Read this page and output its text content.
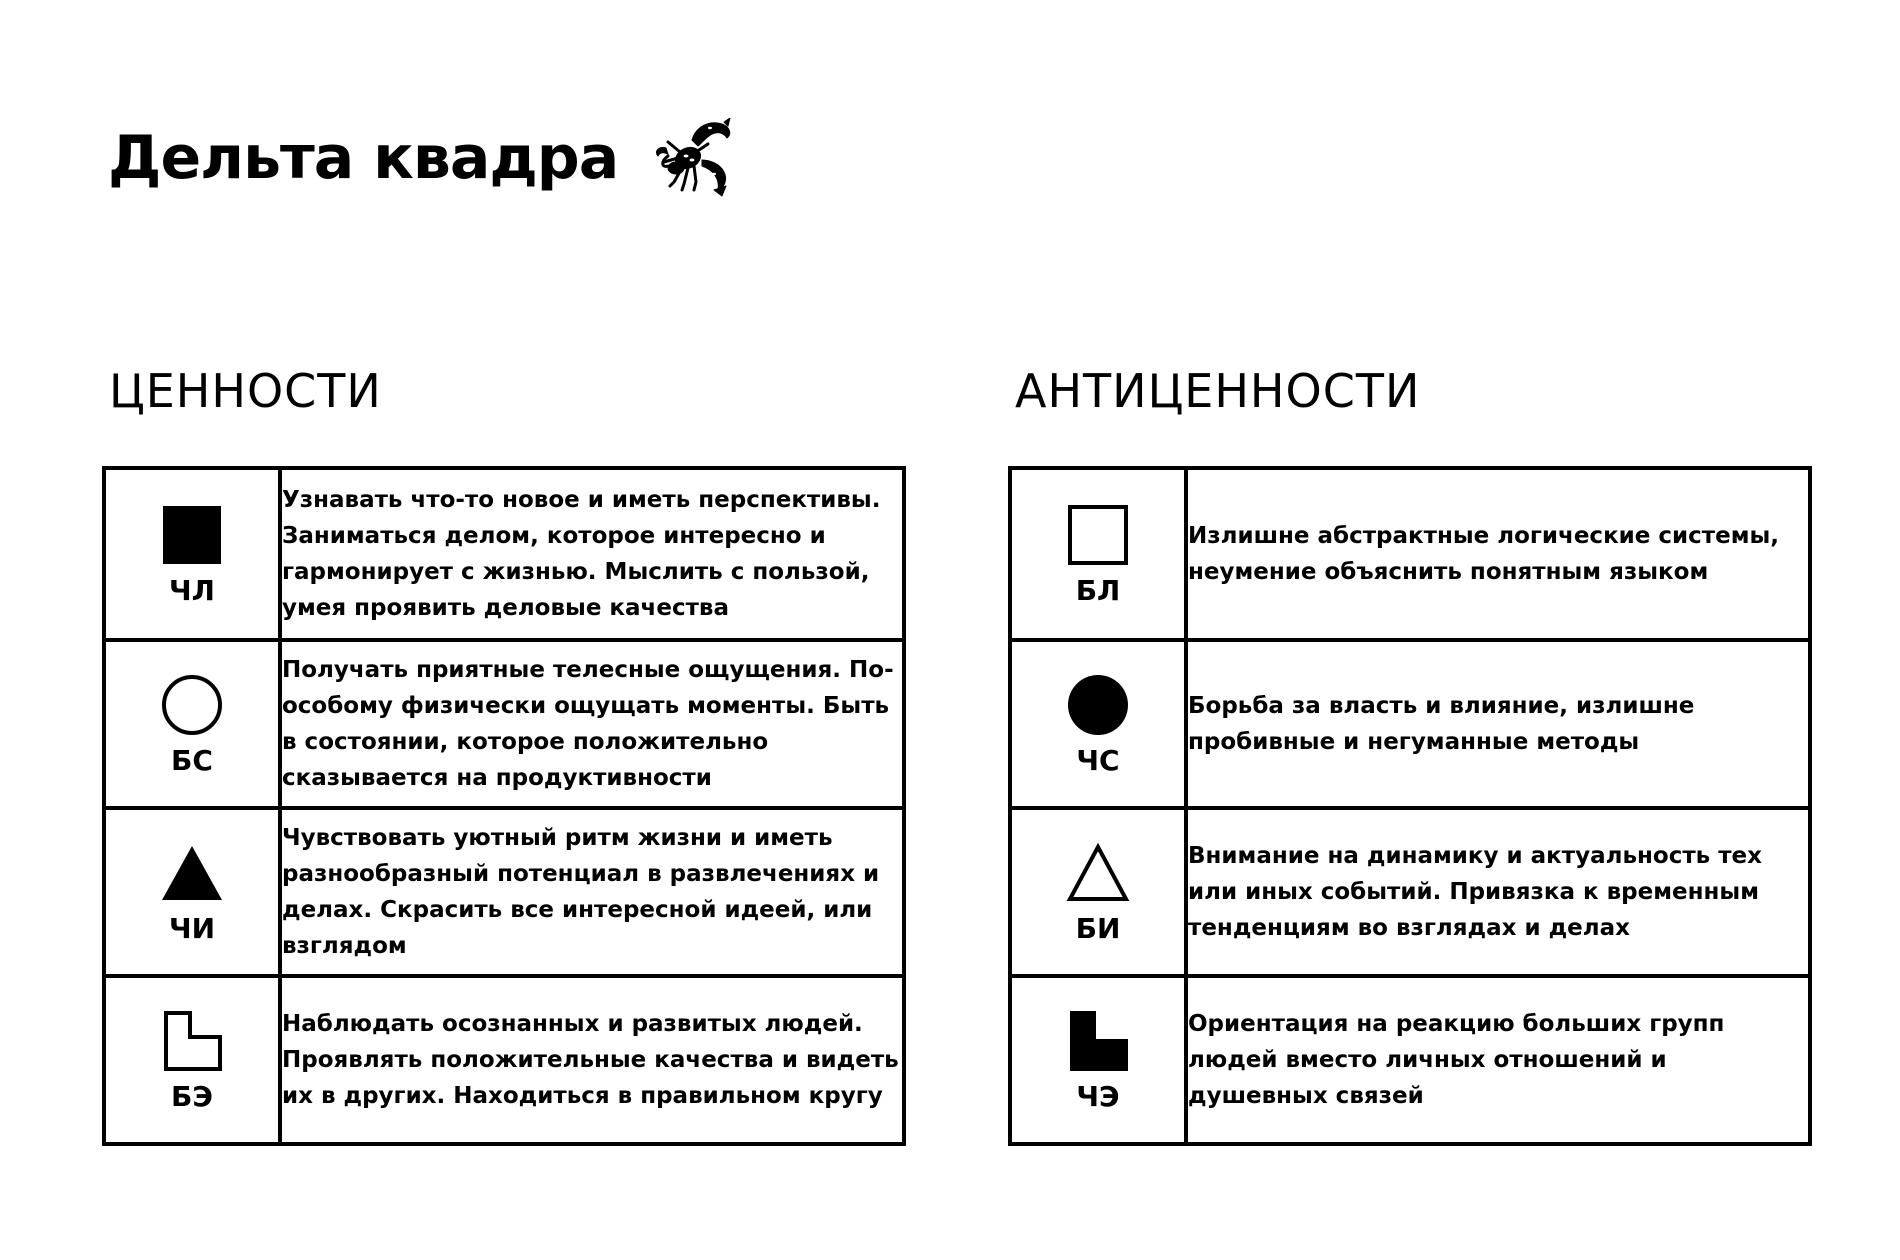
Дельта квадра
ЦЕННОСТИ	АНТИЦЕННОСТИ
ЧЛ	Узнавать что-то новое и иметь перспективы. Заниматься делом, которое интересно и гармонирует с жизнью. Мыслить с пользой, умея проявить деловые качества

БС	Получать приятные телесные ощущения. По-особому физически ощущать моменты. Быть в состоянии, которое положительно сказывается на продуктивности

ЧИ	Чувствовать уютный ритм жизни и иметь разнообразный потенциал в развлечениях и делах. Скрасить все интересной идеей, или взглядом

БЭ	Наблюдать осознанных и развитых людей. Проявлять положительные качества и видеть их в других. Находиться в правильном кругу
БЛ	Излишне абстрактные логические системы, неумение объяснить понятным языком

ЧС	Борьба за власть и влияние, излишне пробивные и негуманные методы

БИ	Внимание на динамику и актуальность тех или иных событий. Привязка к временным тенденциям во взглядах и делах

ЧЭ	Ориентация на реакцию больших групп людей вместо личных отношений и душевных связей
